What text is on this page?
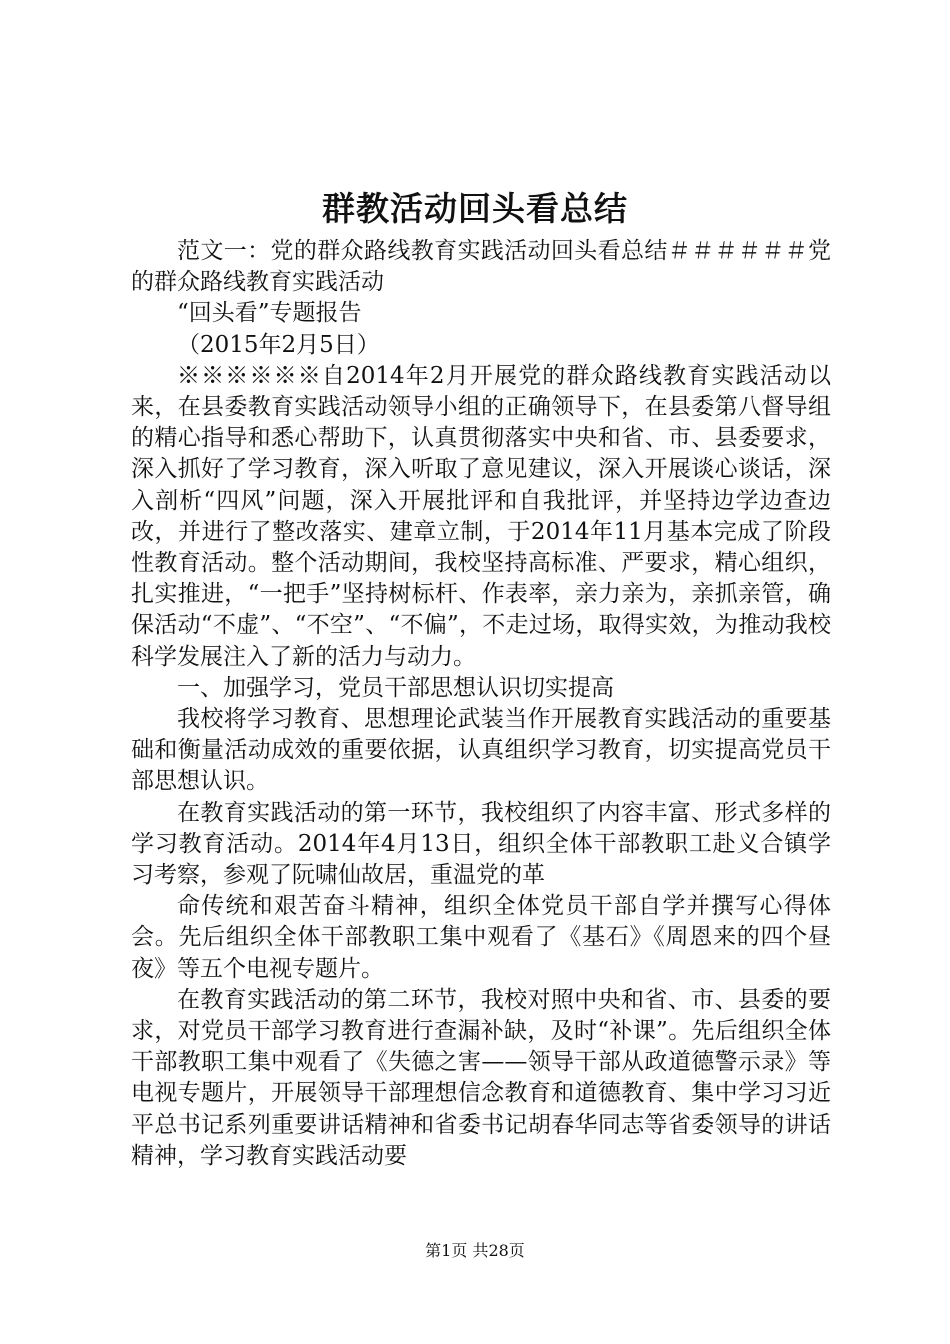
群教活动回头看总结

范文一：党的群众路线教育实践活动回头看总结＃＃＃＃＃＃党的群众路线教育实践活动

“回头看”专题报告

（2015年2月5日）

※※※※※※自2014年2月开展党的群众路线教育实践活动以来，在县委教育实践活动领导小组的正确领导下，在县委第八督导组的精心指导和悉心帮助下，认真贯彻落实中央和省、市、县委要求，深入抓好了学习教育，深入听取了意见建议，深入开展谈心谈话，深入剖析“四风”问题，深入开展批评和自我批评，并坚持边学边查边改，并进行了整改落实、建章立制，于2014年11月基本完成了阶段性教育活动。整个活动期间，我校坚持高标准、严要求，精心组织，扎实推进，“一把手”坚持树标杆、作表率，亲力亲为，亲抓亲管，确保活动“不虚”、“不空”、“不偏”，不走过场，取得实效，为推动我校科学发展注入了新的活力与动力。

一、加强学习，党员干部思想认识切实提高

我校将学习教育、思想理论武装当作开展教育实践活动的重要基础和衡量活动成效的重要依据，认真组织学习教育，切实提高党员干部思想认识。

在教育实践活动的第一环节，我校组织了内容丰富、形式多样的学习教育活动。2014年4月13日，组织全体干部教职工赴义合镇学习考察，参观了阮啸仙故居，重温党的革

命传统和艰苦奋斗精神，组织全体党员干部自学并撰写心得体会。先后组织全体干部教职工集中观看了《基石》《周恩来的四个昼夜》等五个电视专题片。

在教育实践活动的第二环节，我校对照中央和省、市、县委的要求，对党员干部学习教育进行查漏补缺，及时“补课”。先后组织全体干部教职工集中观看了《失德之害——领导干部从政道德警示录》等电视专题片，开展领导干部理想信念教育和道德教育、集中学习习近平总书记系列重要讲话精神和省委书记胡春华同志等省委领导的讲话精神，学习教育实践活动要

第1页 共28页
